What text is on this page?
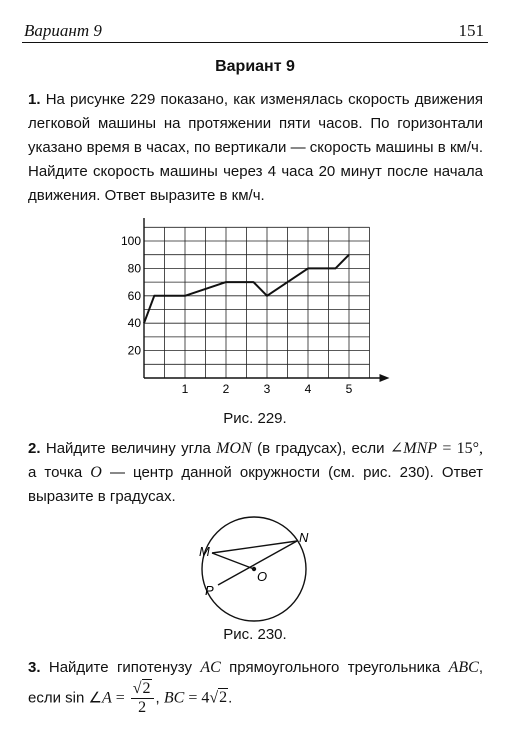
Вариант 9	151
Вариант 9
1. На рисунке 229 показано, как изменялась скорость движения легковой машины на протяжении пяти часов. По горизонтали указано время в часах, по вертикали — скорость машины в км/ч. Найдите скорость машины через 4 часа 20 минут после начала движения. Ответ выразите в км/ч.
1	2	3	4	5
20
40
60
80
100
Рис. 229.
2. Найдите величину угла MON (в градусах), если ∠MNP = 15°, а точка O — центр данной окружности (см. рис. 230). Ответ выразите в градусах.
M
N
O
P
Рис. 230.
3. Найдите гипотенузу AC прямоугольного треугольника ABC, если sin ∠A = $\frac{√2}{2}$ , BC = 4√2.
